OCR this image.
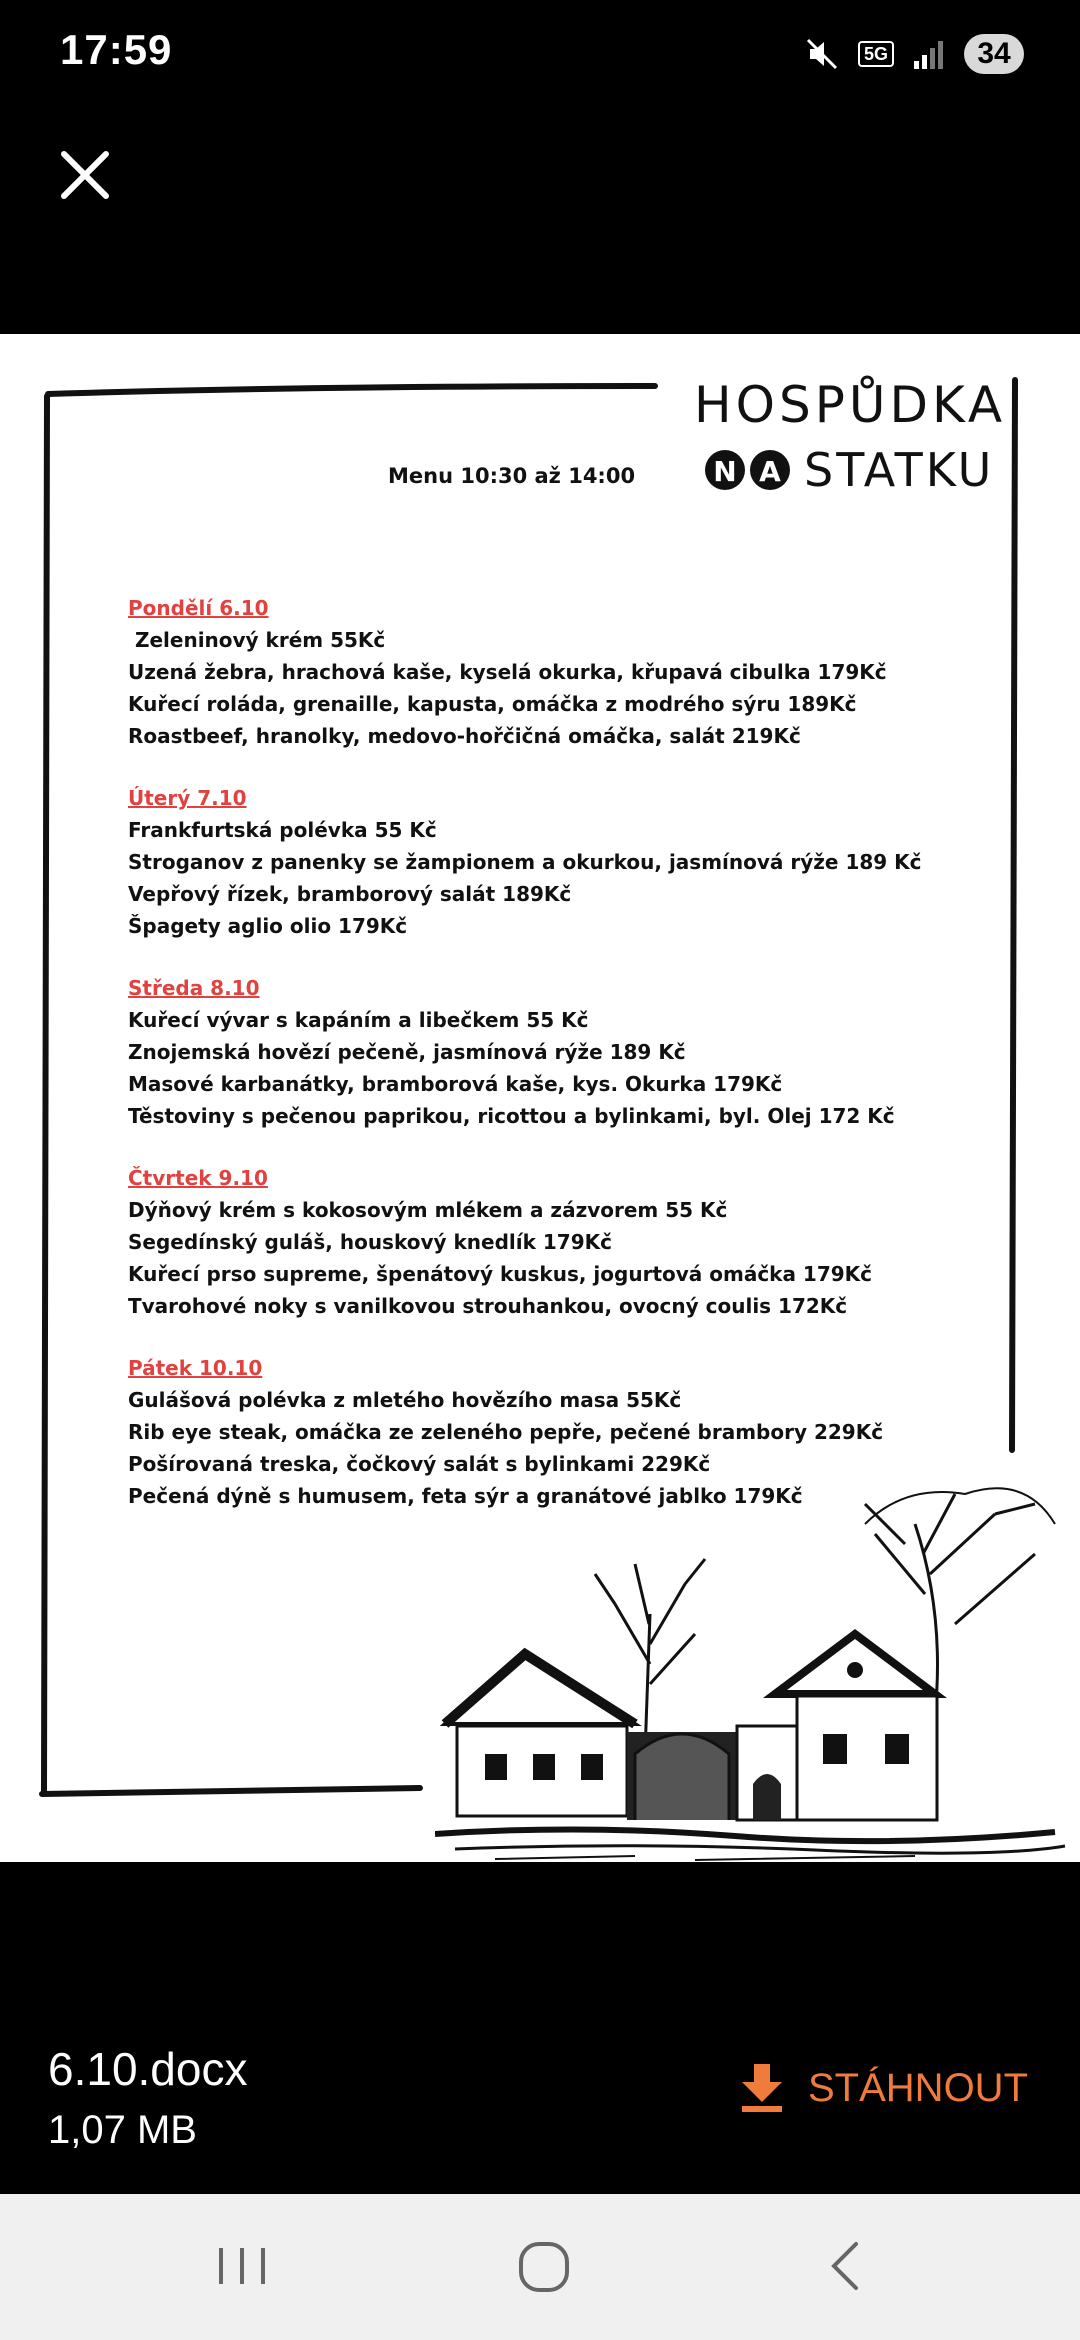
17:59	5G	34
HOSPŮDKA
N A STATKU
Menu 10:30 až 14:00
Pondělí 6.10
Zeleninový krém 55Kč
Uzená žebra, hrachová kaše, kyselá okurka, křupavá cibulka 179Kč
Kuřecí roláda, grenaille, kapusta, omáčka z modrého sýru 189Kč
Roastbeef, hranolky, medovo-hořčičná omáčka, salát 219Kč
Úterý 7.10
Frankfurtská polévka 55 Kč
Stroganov z panenky se žampionem a okurkou, jasmínová rýže 189 Kč
Vepřový řízek, bramborový salát 189Kč
Špagety aglio olio 179Kč
Středa 8.10
Kuřecí vývar s kapáním a libečkem 55 Kč
Znojemská hovězí pečeně, jasmínová rýže 189 Kč
Masové karbanátky, bramborová kaše, kys. Okurka 179Kč
Těstoviny s pečenou paprikou, ricottou a bylinkami, byl. Olej 172 Kč
Čtvrtek 9.10
Dýňový krém s kokosovým mlékem a zázvorem 55 Kč
Segedínský guláš, houskový knedlík 179Kč
Kuřecí prso supreme, špenátový kuskus, jogurtová omáčka 179Kč
Tvarohové noky s vanilkovou strouhankou, ovocný coulis 172Kč
Pátek 10.10
Gulášová polévka z mletého hovězího masa 55Kč
Rib eye steak, omáčka ze zeleného pepře, pečené brambory 229Kč
Pošírovaná treska, čočkový salát s bylinkami 229Kč
Pečená dýně s humusem, feta sýr a granátové jablko 179Kč
6.10.docx
1,07 MB
STÁHNOUT
